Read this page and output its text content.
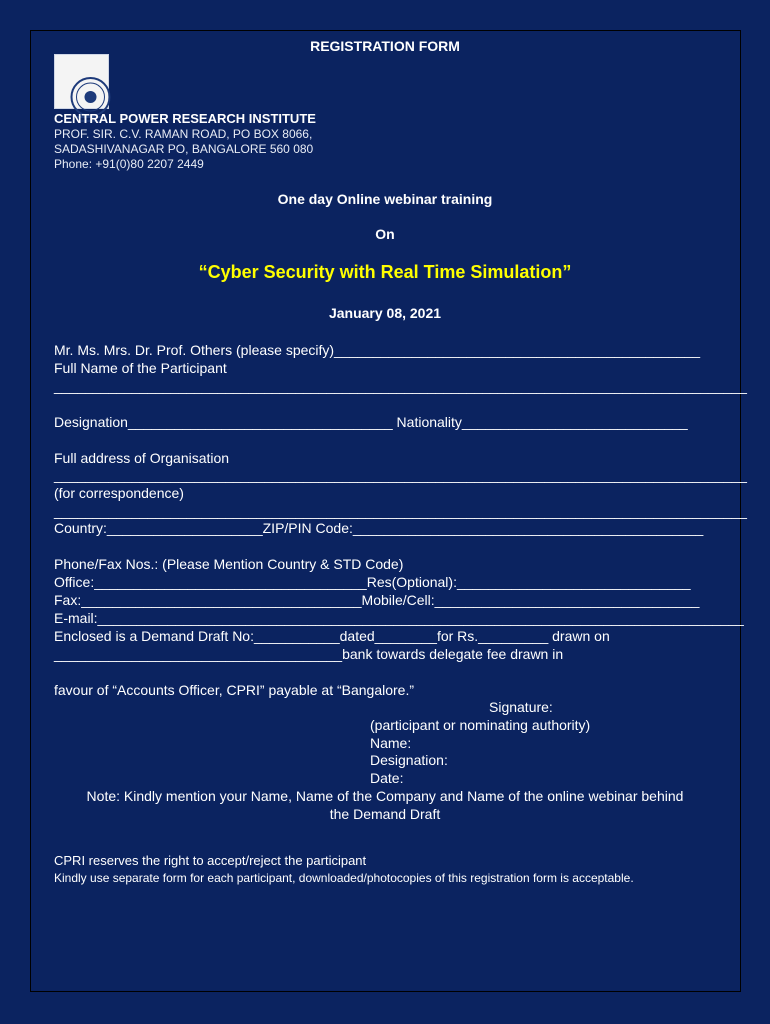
REGISTRATION FORM

CENTRAL POWER RESEARCH INSTITUTE
PROF. SIR. C.V. RAMAN ROAD, PO BOX 8066,
SADASHIVANAGAR PO, BANGALORE 560 080
Phone: +91(0)80 2207 2449
One day Online webinar training
On
“Cyber Security with Real Time Simulation”
January 08, 2021
Mr. Ms. Mrs. Dr. Prof. Others (please specify)_______________________________________________
Full Name of the Participant
_________________________________________________________________________________________
Designation__________________________________ Nationality_____________________________
Full address of Organisation
_________________________________________________________________________________________
(for correspondence)
_________________________________________________________________________________________
Country:____________________ZIP/PIN Code:_____________________________________________
Phone/Fax Nos.: (Please Mention Country & STD Code)
Office:___________________________________Res(Optional):______________________________
Fax:____________________________________Mobile/Cell:__________________________________
E-mail:___________________________________________________________________________________
Enclosed is a Demand Draft No:___________dated________for Rs._________ drawn on
_____________________________________bank towards delegate fee drawn in
favour of “Accounts Officer, CPRI” payable at “Bangalore.”
Signature:
(participant or nominating authority)
Name:
Designation:
Date:
Note: Kindly mention your Name, Name of the Company and Name of the online webinar behind
the Demand Draft
CPRI reserves the right to accept/reject the participant
Kindly use separate form for each participant, downloaded/photocopies of this registration form is acceptable.
